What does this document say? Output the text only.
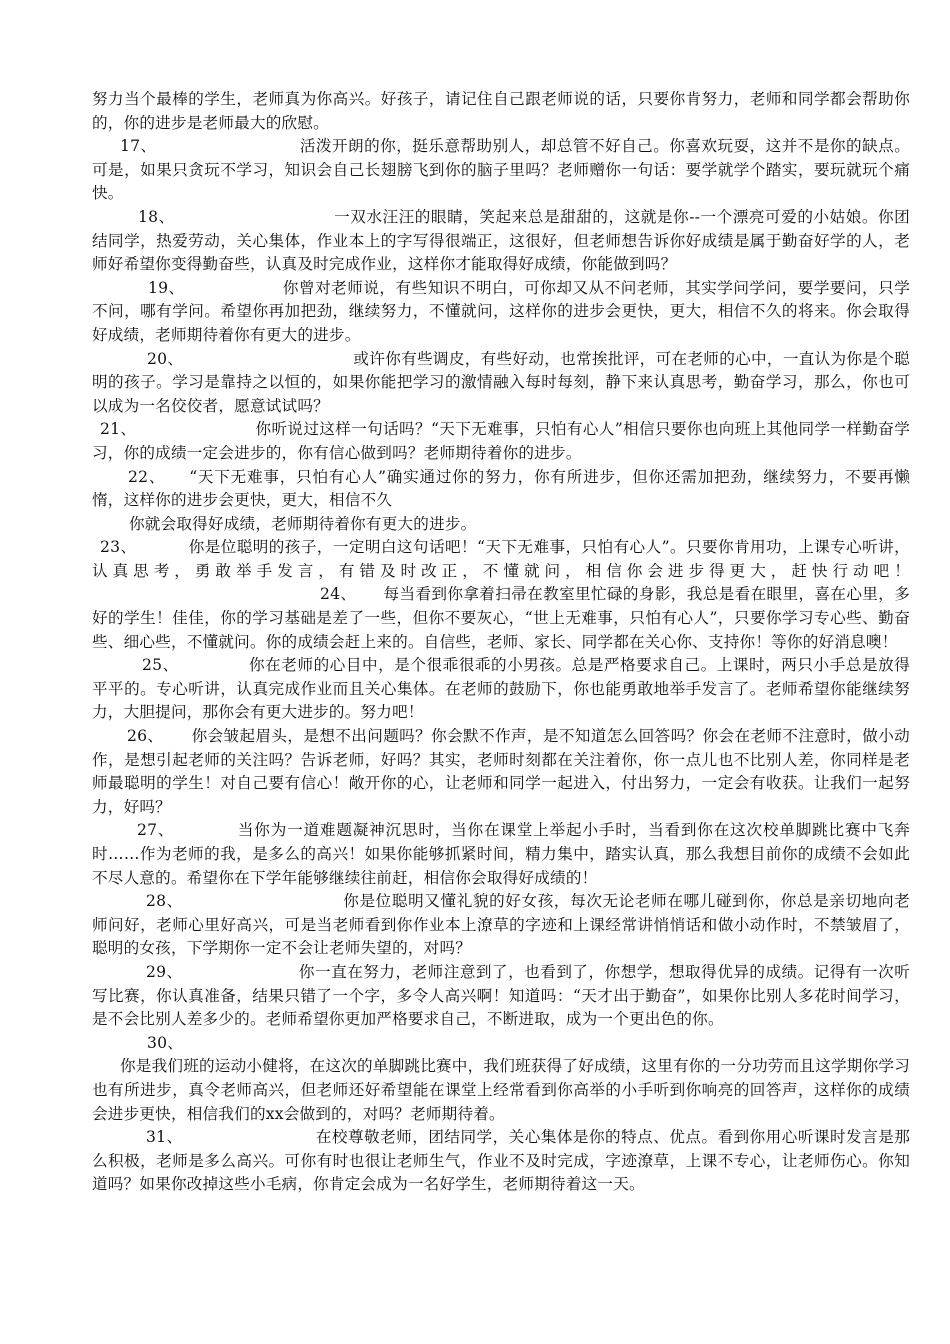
努力当个最棒的学生，老师真为你高兴。好孩子，请记住自己跟老师说的话，只要你肯努力，老师和同学都会帮助你的，你的进步是老师最大的欣慰。

17、	活泼开朗的你，挺乐意帮助别人，却总管不好自己。你喜欢玩耍，这并不是你的缺点。可是，如果只贪玩不学习，知识会自己长翅膀飞到你的脑子里吗？老师赠你一句话：要学就学个踏实，要玩就玩个痛快。

18、	一双水汪汪的眼睛，笑起来总是甜甜的，这就是你--一个漂亮可爱的小姑娘。你团结同学，热爱劳动，关心集体，作业本上的字写得很端正，这很好，但老师想告诉你好成绩是属于勤奋好学的人，老师好希望你变得勤奋些，认真及时完成作业，这样你才能取得好成绩，你能做到吗？

19、	你曾对老师说，有些知识不明白，可你却又从不问老师，其实学问学问，要学要问，只学不问，哪有学问。希望你再加把劲，继续努力，不懂就问，这样你的进步会更快，更大，相信不久的将来。你会取得好成绩，老师期待着你有更大的进步。

20、	或许你有些调皮，有些好动，也常挨批评，可在老师的心中，一直认为你是个聪明的孩子。学习是靠持之以恒的，如果你能把学习的激情融入每时每刻，静下来认真思考，勤奋学习，那么，你也可以成为一名佼佼者，愿意试试吗？

21、	你听说过这样一句话吗？“天下无难事，只怕有心人”相信只要你也向班上其他同学一样勤奋学习，你的成绩一定会进步的，你有信心做到吗？老师期待着你的进步。

22、 “天下无难事，只怕有心人”确实通过你的努力，你有所进步，但你还需加把劲，继续努力，不要再懒惰，这样你的进步会更快，更大，相信不久

你就会取得好成绩，老师期待着你有更大的进步。

23、	你是位聪明的孩子，一定明白这句话吧！“天下无难事，只怕有心人”。只要你肯用功，上课专心听讲，认真思考，勇敢举手发言，有错及时改正，不懂就问，相信你会进步得更大，赶快行动吧！24、 每当看到你拿着扫帚在教室里忙碌的身影，我总是看在眼里，喜在心里，多好的学生！佳佳，你的学习基础是差了一些，但你不要灰心，“世上无难事，只怕有心人”，只要你学习专心些、勤奋些、细心些，不懂就问。你的成绩会赶上来的。自信些，老师、家长、同学都在关心你、支持你！等你的好消息噢！

25、	你在老师的心目中，是个很乖很乖的小男孩。总是严格要求自己。上课时，两只小手总是放得平平的。专心听讲，认真完成作业而且关心集体。在老师的鼓励下，你也能勇敢地举手发言了。老师希望你能继续努力，大胆提问，那你会有更大进步的。努力吧！

26、 你会皱起眉头，是想不出问题吗？你会默不作声，是不知道怎么回答吗？你会在老师不注意时，做小动作，是想引起老师的关注吗？告诉老师，好吗？其实，老师时刻都在关注着你，你一点儿也不比别人差，你同样是老师最聪明的学生！对自己要有信心！敞开你的心，让老师和同学一起进入，付出努力，一定会有收获。让我们一起努力，好吗？

27、	当你为一道难题凝神沉思时，当你在课堂上举起小手时，当看到你在这次校单脚跳比赛中飞奔时……作为老师的我，是多么的高兴！如果你能够抓紧时间，精力集中，踏实认真，那么我想目前你的成绩不会如此不尽人意的。希望你在下学年能够继续往前赶，相信你会取得好成绩的！

28、	你是位聪明又懂礼貌的好女孩，每次无论老师在哪儿碰到你，你总是亲切地向老师问好，老师心里好高兴，可是当老师看到你作业本上潦草的字迹和上课经常讲悄悄话和做小动作时，不禁皱眉了，聪明的女孩，下学期你一定不会让老师失望的，对吗？

29、	你一直在努力，老师注意到了，也看到了，你想学，想取得优异的成绩。记得有一次听写比赛，你认真准备，结果只错了一个字，多令人高兴啊！知道吗：“天才出于勤奋”，如果你比别人多花时间学习，是不会比别人差多少的。老师希望你更加严格要求自己，不断进取，成为一个更出色的你。

30、

你是我们班的运动小健将，在这次的单脚跳比赛中，我们班获得了好成绩，这里有你的一分功劳而且这学期你学习也有所进步，真令老师高兴，但老师还好希望能在课堂上经常看到你高举的小手听到你响亮的回答声，这样你的成绩会进步更快，相信我们的xx会做到的，对吗？老师期待着。

31、	在校尊敬老师，团结同学，关心集体是你的特点、优点。看到你用心听课时发言是那么积极，老师是多么高兴。可你有时也很让老师生气，作业不及时完成，字迹潦草，上课不专心，让老师伤心。你知道吗？如果你改掉这些小毛病，你肯定会成为一名好学生，老师期待着这一天。
